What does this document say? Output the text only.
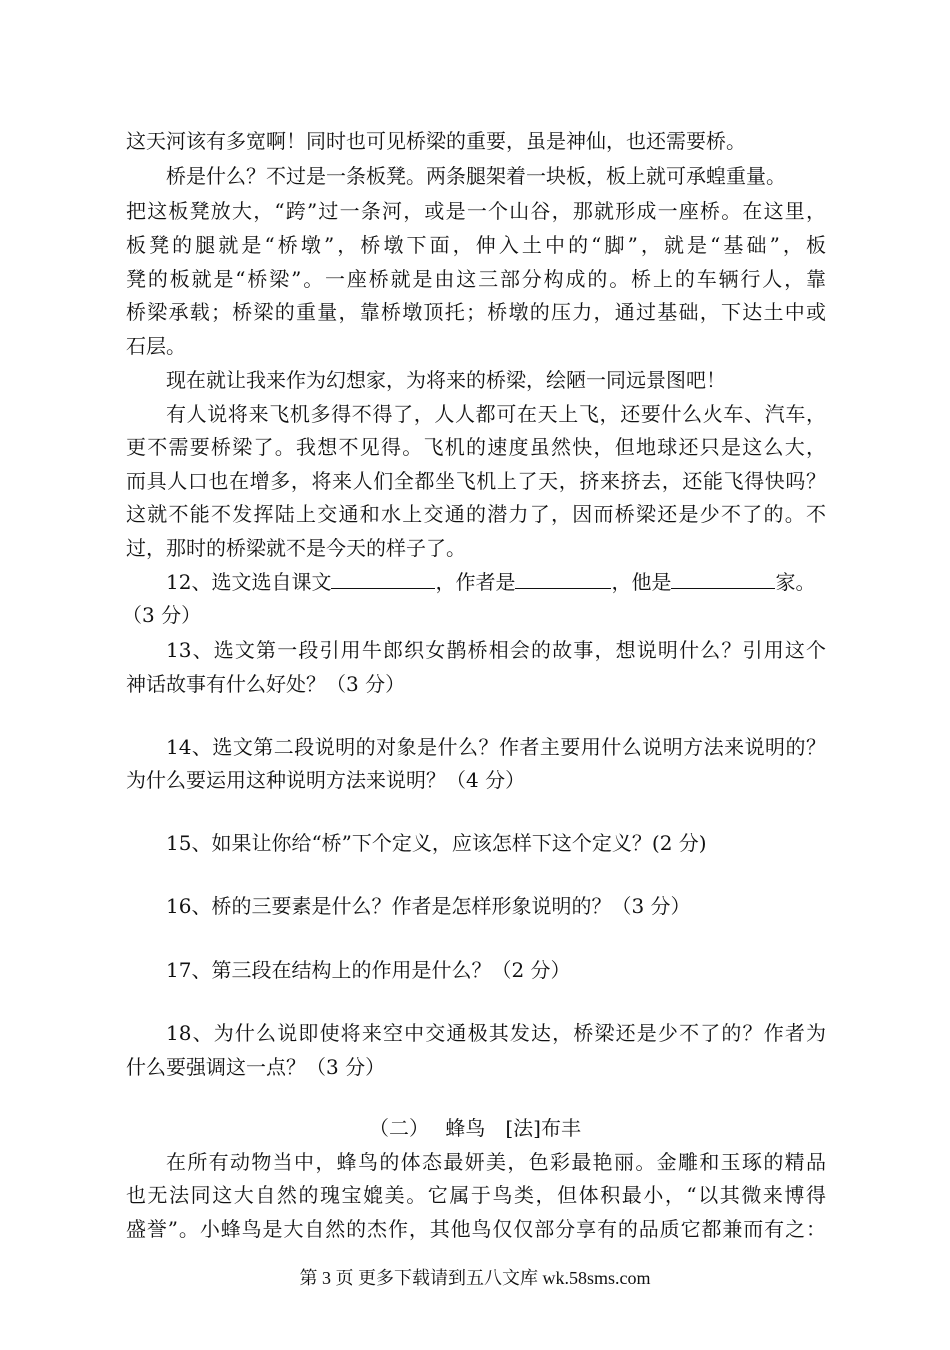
这天河该有多宽啊！同时也可见桥梁的重要，虽是神仙，也还需要桥。
桥是什么？不过是一条板凳。两条腿架着一块板，板上就可承蝗重量。
把这板凳放大，“跨”过一条河，或是一个山谷，那就形成一座桥。在这里，
板凳的腿就是“桥墩”，桥墩下面，伸入土中的“脚”，就是“基础”，板
凳的板就是“桥梁”。一座桥就是由这三部分构成的。桥上的车辆行人，靠
桥梁承载；桥梁的重量，靠桥墩顶托；桥墩的压力，通过基础，下达土中或
石层。
现在就让我来作为幻想家，为将来的桥梁，绘陋一同远景图吧！
有人说将来飞机多得不得了，人人都可在天上飞，还要什么火车、汽车，
更不需要桥梁了。我想不见得。飞机的速度虽然快，但地球还只是这么大，
而具人口也在增多，将来人们全都坐飞机上了天，挤来挤去，还能飞得快吗？
这就不能不发挥陆上交通和水上交通的潜力了，因而桥梁还是少不了的。不
过，那时的桥梁就不是今天的样子了。
12、选文选自课文	，作者是	，他是	家。
（3 分）
13、选文第一段引用牛郎织女鹊桥相会的故事，想说明什么？引用这个
神话故事有什么好处？（3 分）
14、选文第二段说明的对象是什么？作者主要用什么说明方法来说明的？
为什么要运用这种说明方法来说明？（4 分）
15、如果让你给“桥”下个定义，应该怎样下这个定义？(2 分)
16、桥的三要素是什么？作者是怎样形象说明的？（3 分）
17、第三段在结构上的作用是什么？（2 分）
18、为什么说即使将来空中交通极其发达，桥梁还是少不了的？作者为
什么要强调这一点？（3 分）
（二）　 蜂鸟　[法]布丰
在所有动物当中，蜂鸟的体态最妍美，色彩最艳丽。金雕和玉琢的精品
也无法同这大自然的瑰宝媲美。它属于鸟类，但体积最小，“以其微来博得
盛誉”。小蜂鸟是大自然的杰作，其他鸟仅仅部分享有的品质它都兼而有之：
第 3 页 更多下载请到五八文库 wk.58sms.com
